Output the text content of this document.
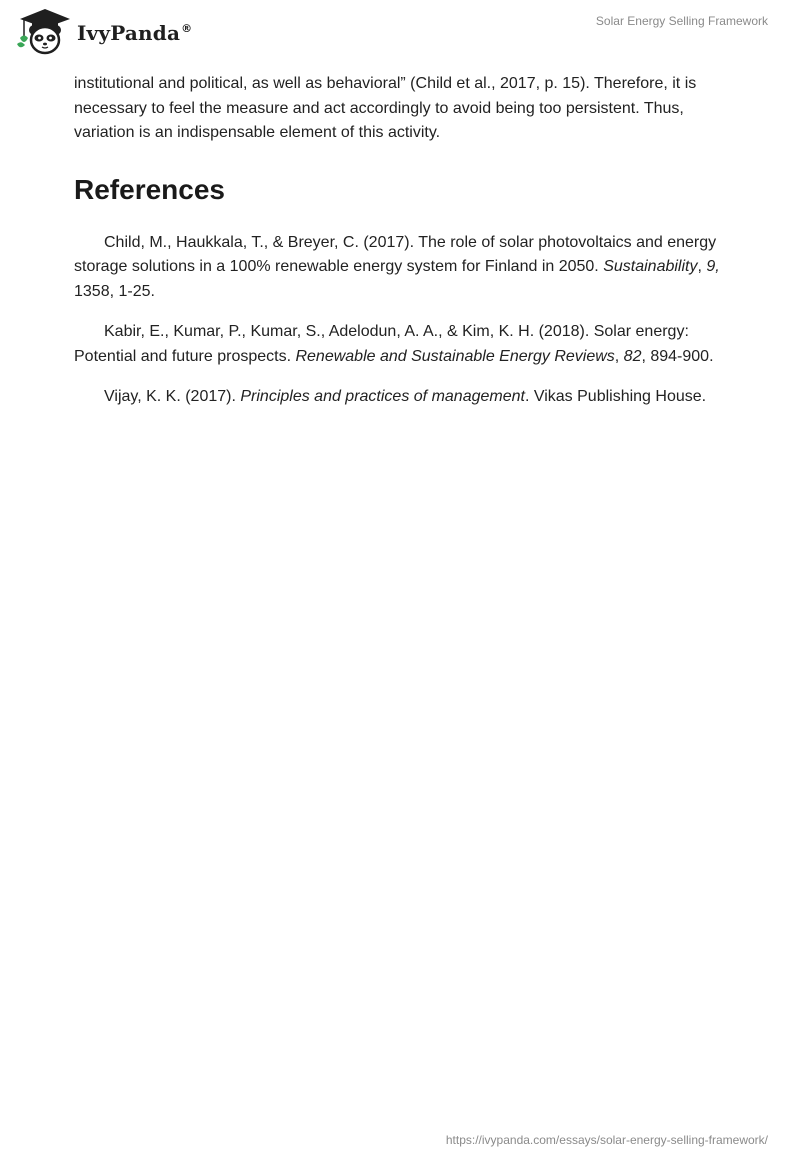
IvyPanda®
Solar Energy Selling Framework

institutional and political, as well as behavioral” (Child et al., 2017, p. 15). Therefore, it is necessary to feel the measure and act accordingly to avoid being too persistent. Thus, variation is an indispensable element of this activity.

References

Child, M., Haukkala, T., & Breyer, C. (2017). The role of solar photovoltaics and energy storage solutions in a 100% renewable energy system for Finland in 2050. Sustainability, 9, 1358, 1-25.

Kabir, E., Kumar, P., Kumar, S., Adelodun, A. A., & Kim, K. H. (2018). Solar energy: Potential and future prospects. Renewable and Sustainable Energy Reviews, 82, 894-900.

Vijay, K. K. (2017). Principles and practices of management. Vikas Publishing House.

https://ivypanda.com/essays/solar-energy-selling-framework/
